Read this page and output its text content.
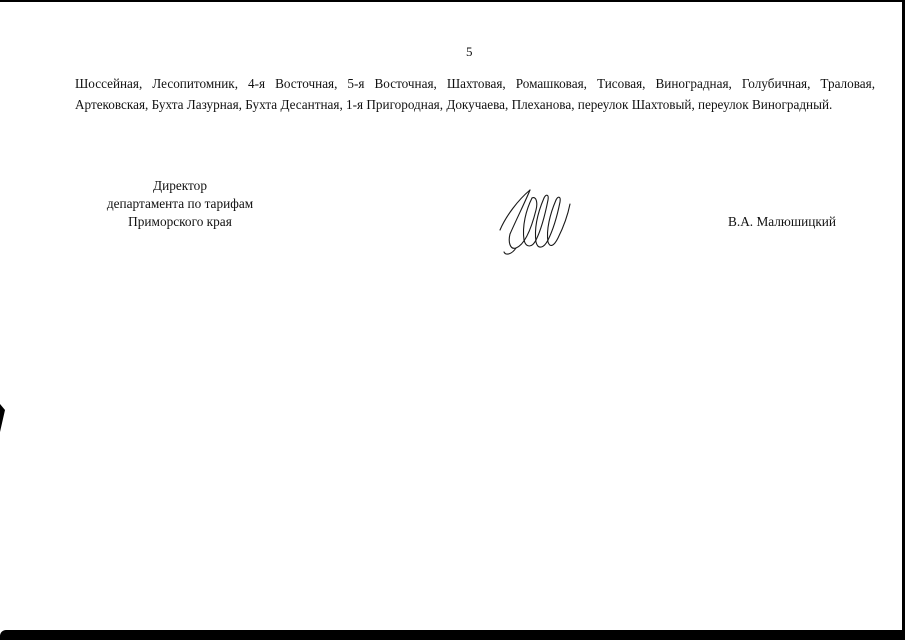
5
Шоссейная, Лесопитомник, 4-я Восточная, 5-я Восточная, Шахтовая, Ромашковая, Тисовая, Виноградная, Голубичная, Траловая, Артековская, Бухта Лазурная, Бухта Десантная, 1-я Пригородная, Докучаева, Плеханова, переулок Шахтовый, переулок Виноградный.
Директор
департамента по тарифам
Приморского края	В.А. Малюшицкий
